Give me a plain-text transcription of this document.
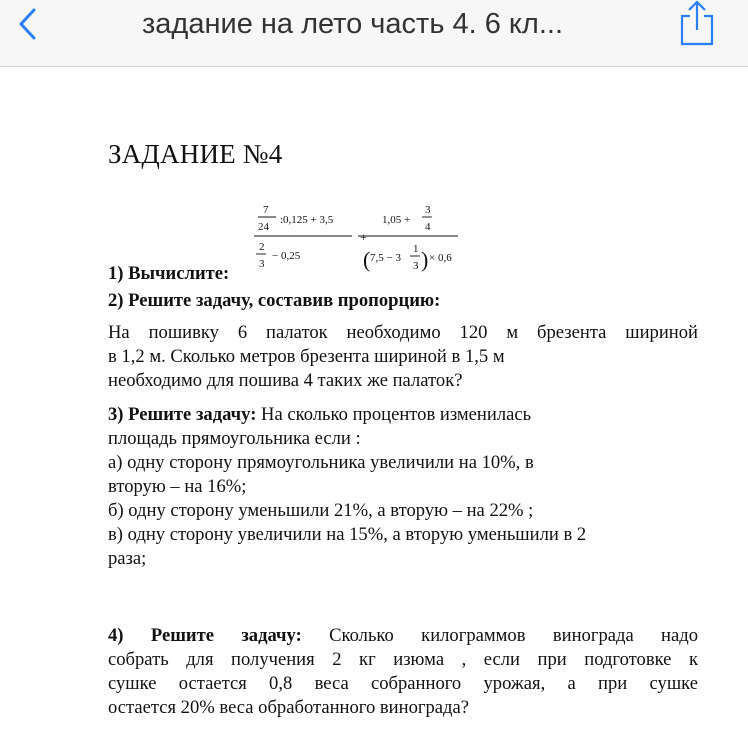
задание на лето часть 4. 6 кл...
ЗАДАНИЕ №4
7
24
:0,125 + 3,5
2
3
− 0,25
+
1,05 +
3
4
( 7,5 − 3
1
3 ) × 0,6
1) Вычислите:
2) Решите задачу, составив пропорцию:
На пошивку 6 палаток необходимо 120 м брезента шириной
в 1,2 м. Сколько метров брезента шириной в 1,5 м
необходимо для пошива 4 таких же палаток?
3) Решите задачу: На сколько процентов изменилась
площадь прямоугольника если :
а) одну сторону прямоугольника увеличили на 10%, в
вторую – на 16%;
б) одну сторону уменьшили 21%, а вторую – на 22% ;
в) одну сторону увеличили на 15%, а вторую уменьшили в 2
раза;
4) Решите задачу: Сколько килограммов винограда надо
собрать для получения 2 кг изюма , если при подготовке к
сушке остается 0,8 веса собранного урожая, а при сушке
остается 20% веса обработанного винограда?
